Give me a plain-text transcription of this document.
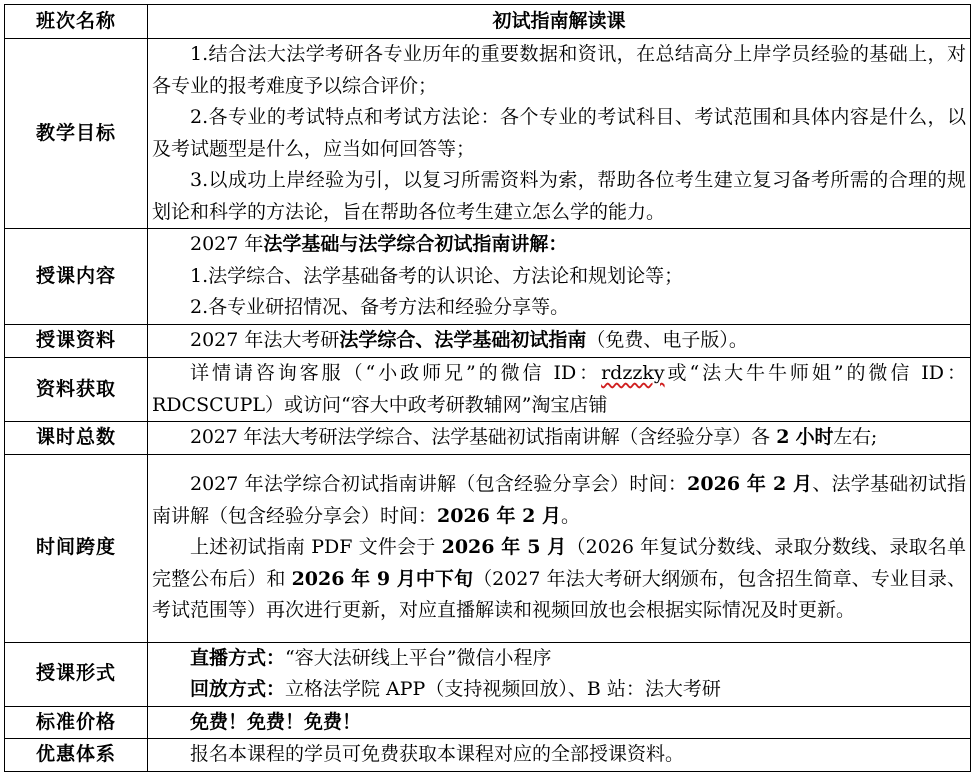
班次名称	初试指南解读课
教学目标	1.结合法大法学考研各专业历年的重要数据和资讯，在总结高分上岸学员经验的基础上，对各专业的报考难度予以综合评价；

2.各专业的考试特点和考试方法论：各个专业的考试科目、考试范围和具体内容是什么，以及考试题型是什么，应当如何回答等；

3.以成功上岸经验为引，以复习所需资料为索，帮助各位考生建立复习备考所需的合理的规划论和科学的方法论，旨在帮助各位考生建立怎么学的能力。

授课内容	2027 年法学基础与法学综合初试指南讲解：

1.法学综合、法学基础备考的认识论、方法论和规划论等；

2.各专业研招情况、备考方法和经验分享等。

授课资料	2027 年法大考研法学综合、法学基础初试指南（免费、电子版）。

资料获取	详情请咨询客服（“小政师兄”的微信 ID：rdzzky或“法大牛牛师姐”的微信 ID：RDCSCUPL）或访问“容大中政考研教辅网”淘宝店铺

课时总数	2027 年法大考研法学综合、法学基础初试指南讲解（含经验分享）各 2 小时左右;

时间跨度	2027 年法学综合初试指南讲解（包含经验分享会）时间：2026 年 2 月、法学基础初试指南讲解（包含经验分享会）时间：2026 年 2 月。

上述初试指南 PDF 文件会于 2026 年 5 月（2026 年复试分数线、录取分数线、录取名单完整公布后）和 2026 年 9 月中下旬（2027 年法大考研大纲颁布，包含招生简章、专业目录、考试范围等）再次进行更新，对应直播解读和视频回放也会根据实际情况及时更新。

授课形式	直播方式：“容大法研线上平台”微信小程序

回放方式：立格法学院 APP（支持视频回放）、B 站：法大考研

标准价格	免费！免费！免费！

优惠体系	报名本课程的学员可免费获取本课程对应的全部授课资料。
